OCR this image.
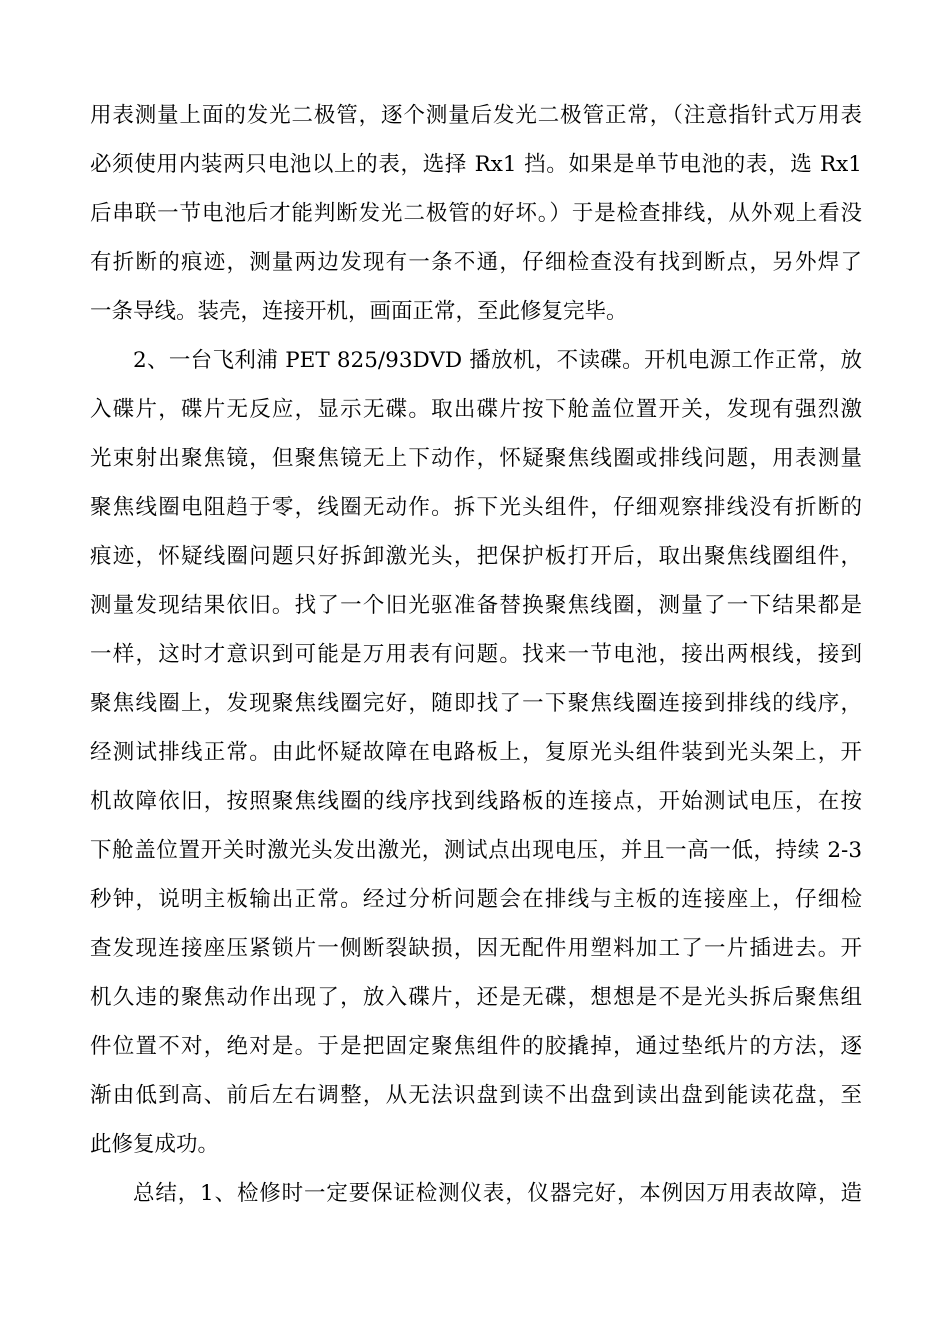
用表测量上面的发光二极管，逐个测量后发光二极管正常，（注意指针式万用表
必须使用内装两只电池以上的表，选择 Rx1 挡。如果是单节电池的表，选 Rx1
后串联一节电池后才能判断发光二极管的好坏。）于是检查排线，从外观上看没
有折断的痕迹，测量两边发现有一条不通，仔细检查没有找到断点，另外焊了
一条导线。装壳，连接开机，画面正常，至此修复完毕。
2、一台飞利浦 PET 825/93DVD 播放机，不读碟。开机电源工作正常，放
入碟片，碟片无反应，显示无碟。取出碟片按下舱盖位置开关，发现有强烈激
光束射出聚焦镜，但聚焦镜无上下动作，怀疑聚焦线圈或排线问题，用表测量
聚焦线圈电阻趋于零，线圈无动作。拆下光头组件，仔细观察排线没有折断的
痕迹，怀疑线圈问题只好拆卸激光头，把保护板打开后，取出聚焦线圈组件，
测量发现结果依旧。找了一个旧光驱准备替换聚焦线圈，测量了一下结果都是
一样，这时才意识到可能是万用表有问题。找来一节电池，接出两根线，接到
聚焦线圈上，发现聚焦线圈完好，随即找了一下聚焦线圈连接到排线的线序，
经测试排线正常。由此怀疑故障在电路板上，复原光头组件装到光头架上，开
机故障依旧，按照聚焦线圈的线序找到线路板的连接点，开始测试电压，在按
下舱盖位置开关时激光头发出激光，测试点出现电压，并且一高一低，持续 2-3
秒钟，说明主板输出正常。经过分析问题会在排线与主板的连接座上，仔细检
查发现连接座压紧锁片一侧断裂缺损，因无配件用塑料加工了一片插进去。开
机久违的聚焦动作出现了，放入碟片，还是无碟，想想是不是光头拆后聚焦组
件位置不对，绝对是。于是把固定聚焦组件的胶撬掉，通过垫纸片的方法，逐
渐由低到高、前后左右调整，从无法识盘到读不出盘到读出盘到能读花盘，至
此修复成功。
总结，1、检修时一定要保证检测仪表，仪器完好，本例因万用表故障，造
